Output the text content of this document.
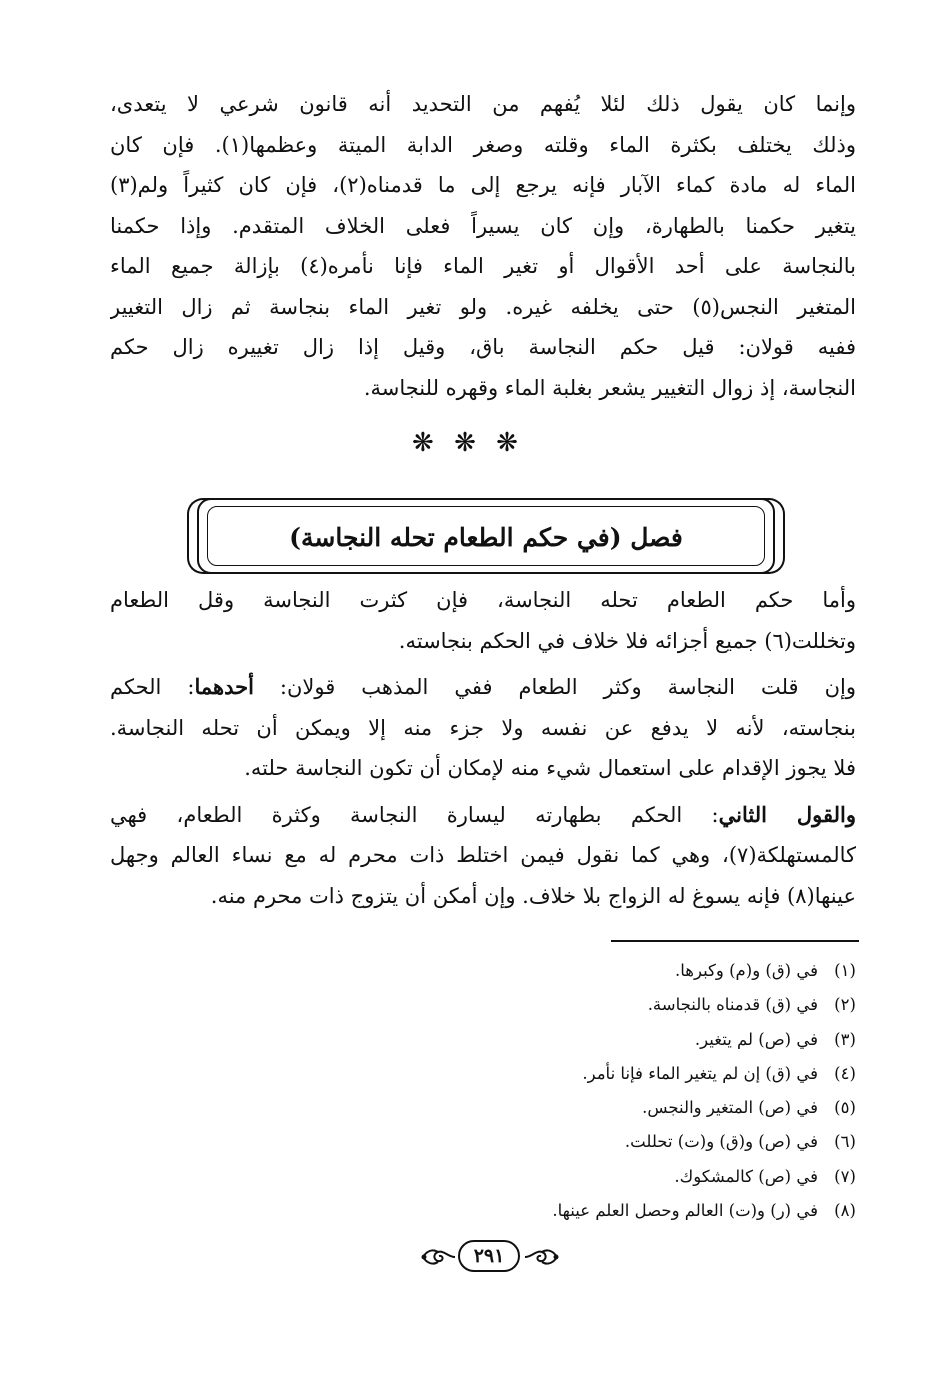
وإنما كان يقول ذلك لئلا يُفهم من التحديد أنه قانون شرعي لا يتعدى،
وذلك يختلف بكثرة الماء وقلته وصغر الدابة الميتة وعظمها(١). فإن كان
الماء له مادة كماء الآبار فإنه يرجع إلى ما قدمناه(٢)، فإن كان كثيراً ولم(٣)
يتغير حكمنا بالطهارة، وإن كان يسيراً فعلى الخلاف المتقدم. وإذا حكمنا
بالنجاسة على أحد الأقوال أو تغير الماء فإنا نأمره(٤) بإزالة جميع الماء
المتغير النجس(٥) حتى يخلفه غيره. ولو تغير الماء بنجاسة ثم زال التغيير
ففيه قولان: قيل حكم النجاسة باق، وقيل إذا زال تغييره زال حكم
النجاسة، إذ زوال التغيير يشعر بغلبة الماء وقهره للنجاسة.
❋ ❋ ❋
فصل (في حكم الطعام تحله النجاسة)
وأما حكم الطعام تحله النجاسة، فإن كثرت النجاسة وقل الطعام
وتخللت(٦) جميع أجزائه فلا خلاف في الحكم بنجاسته.
وإن قلت النجاسة وكثر الطعام ففي المذهب قولان: أحدهما: الحكم
بنجاسته، لأنه لا يدفع عن نفسه ولا جزء منه إلا ويمكن أن تحله النجاسة.
فلا يجوز الإقدام على استعمال شيء منه لإمكان أن تكون النجاسة حلته.
والقول الثاني: الحكم بطهارته ليسارة النجاسة وكثرة الطعام، فهي
كالمستهلكة(٧)، وهي كما نقول فيمن اختلط ذات محرم له مع نساء العالم وجهل
عينها(٨) فإنه يسوغ له الزواج بلا خلاف. وإن أمكن أن يتزوج ذات محرم منه.
(١)في (ق) و(م) وكبرها.
(٢)في (ق) قدمناه بالنجاسة.
(٣)في (ص) لم يتغير.
(٤)في (ق) إن لم يتغير الماء فإنا نأمر.
(٥)في (ص) المتغير والنجس.
(٦)في (ص) و(ق) و(ت) تحللت.
(٧)في (ص) كالمشكوك.
(٨)في (ر) و(ت) العالم وحصل العلم عينها.
٢٩١
